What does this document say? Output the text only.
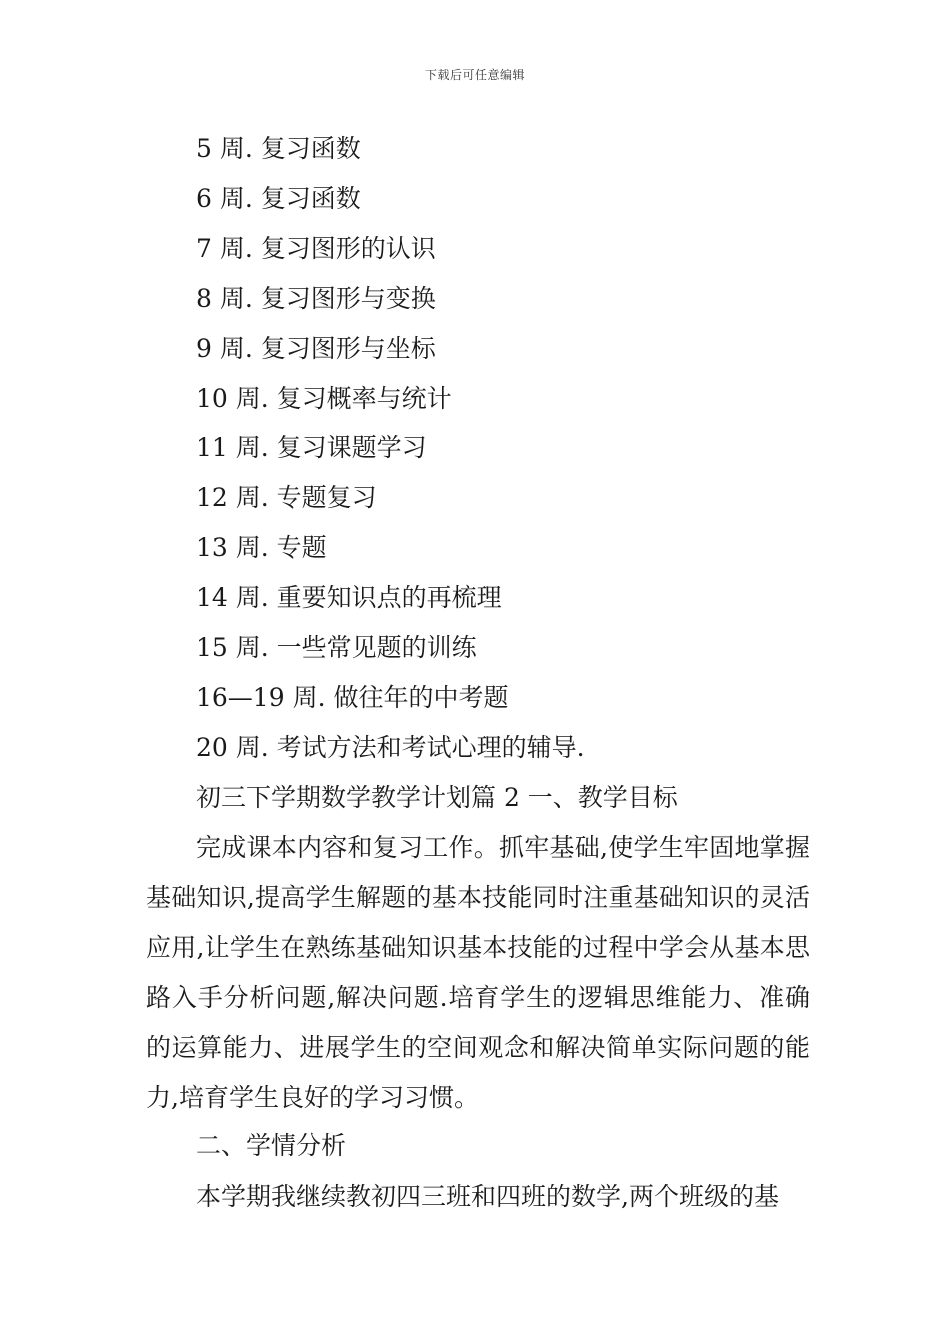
下载后可任意编辑
5 周. 复习函数
6 周. 复习函数
7 周. 复习图形的认识
8 周. 复习图形与变换
9 周. 复习图形与坐标
10 周. 复习概率与统计
11 周. 复习课题学习
12 周. 专题复习
13 周. 专题
14 周. 重要知识点的再梳理
15 周. 一些常见题的训练
16—19 周. 做往年的中考题
20 周. 考试方法和考试心理的辅导.
初三下学期数学教学计划篇 2 一、教学目标

完成课本内容和复习工作。抓牢基础,使学生牢固地掌握基础知识,提高学生解题的基本技能同时注重基础知识的灵活应用,让学生在熟练基础知识基本技能的过程中学会从基本思路入手分析问题,解决问题.培育学生的逻辑思维能力、准确的运算能力、进展学生的空间观念和解决简单实际问题的能力,培育学生良好的学习习惯。

二、学情分析

本学期我继续教初四三班和四班的数学,两个班级的基
